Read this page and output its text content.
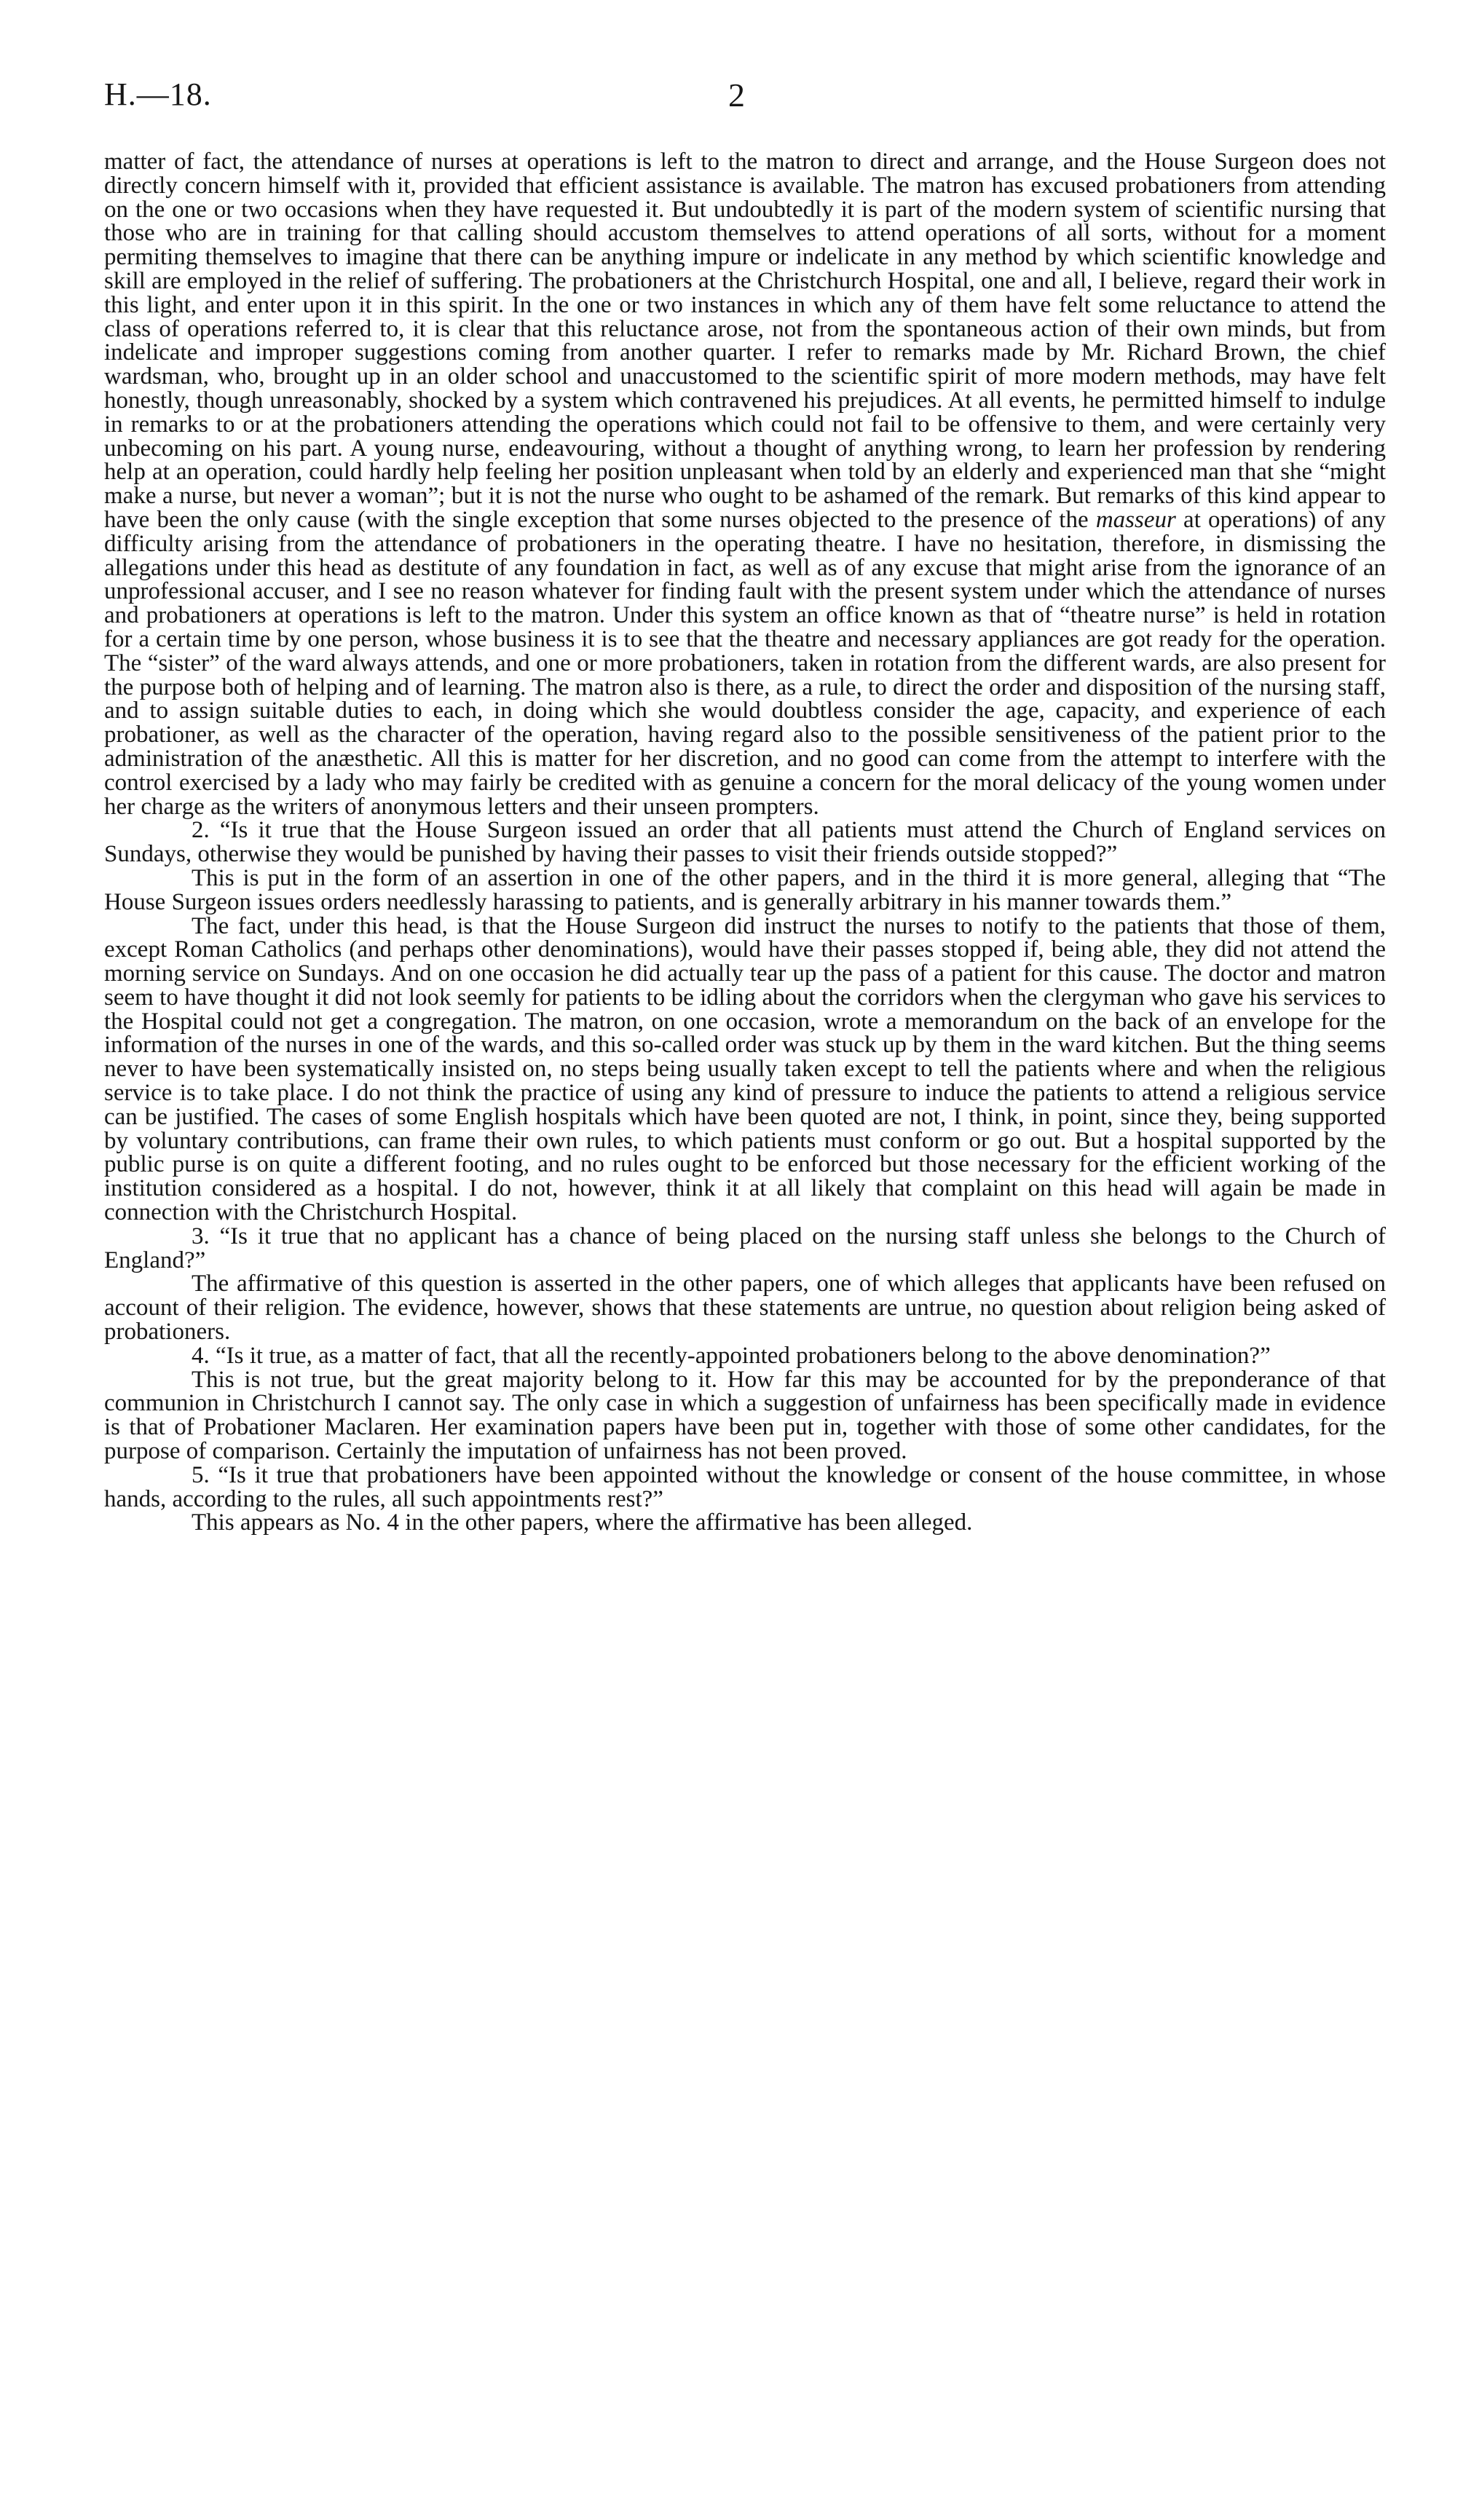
H.—18.	2

matter of fact, the attendance of nurses at operations is left to the matron to direct and arrange, and the House Surgeon does not directly concern himself with it, provided that efficient assistance is available. The matron has excused probationers from attending on the one or two occasions when they have requested it. But undoubtedly it is part of the modern system of scientific nursing that those who are in training for that calling should accustom themselves to attend operations of all sorts, without for a moment permiting themselves to imagine that there can be anything impure or indelicate in any method by which scientific knowledge and skill are employed in the relief of suffering. The probationers at the Christchurch Hospital, one and all, I believe, regard their work in this light, and enter upon it in this spirit. In the one or two instances in which any of them have felt some reluctance to attend the class of operations referred to, it is clear that this reluctance arose, not from the spontaneous action of their own minds, but from indelicate and improper suggestions coming from another quarter. I refer to remarks made by Mr. Richard Brown, the chief wardsman, who, brought up in an older school and unaccustomed to the scientific spirit of more modern methods, may have felt honestly, though unreasonably, shocked by a system which contravened his prejudices. At all events, he permitted himself to indulge in remarks to or at the probationers attending the operations which could not fail to be offensive to them, and were certainly very unbecoming on his part. A young nurse, endeavouring, without a thought of anything wrong, to learn her profession by rendering help at an operation, could hardly help feeling her position unpleasant when told by an elderly and experienced man that she “might make a nurse, but never a woman”; but it is not the nurse who ought to be ashamed of the remark. But remarks of this kind appear to have been the only cause (with the single exception that some nurses objected to the presence of the masseur at operations) of any difficulty arising from the attendance of probationers in the operating theatre. I have no hesitation, therefore, in dismissing the allegations under this head as destitute of any foundation in fact, as well as of any excuse that might arise from the ignorance of an unprofessional accuser, and I see no reason whatever for finding fault with the present system under which the attendance of nurses and probationers at operations is left to the matron. Under this system an office known as that of “theatre nurse” is held in rotation for a certain time by one person, whose business it is to see that the theatre and necessary appliances are got ready for the operation. The “sister” of the ward always attends, and one or more probationers, taken in rotation from the different wards, are also present for the purpose both of helping and of learning. The matron also is there, as a rule, to direct the order and disposition of the nursing staff, and to assign suitable duties to each, in doing which she would doubtless consider the age, capacity, and experience of each probationer, as well as the character of the operation, having regard also to the possible sensitiveness of the patient prior to the administration of the anæsthetic. All this is matter for her discretion, and no good can come from the attempt to interfere with the control exercised by a lady who may fairly be credited with as genuine a concern for the moral delicacy of the young women under her charge as the writers of anonymous letters and their unseen prompters.

2. “Is it true that the House Surgeon issued an order that all patients must attend the Church of England services on Sundays, otherwise they would be punished by having their passes to visit their friends outside stopped?”

This is put in the form of an assertion in one of the other papers, and in the third it is more general, alleging that “The House Surgeon issues orders needlessly harassing to patients, and is generally arbitrary in his manner towards them.”

The fact, under this head, is that the House Surgeon did instruct the nurses to notify to the patients that those of them, except Roman Catholics (and perhaps other denominations), would have their passes stopped if, being able, they did not attend the morning service on Sundays. And on one occasion he did actually tear up the pass of a patient for this cause. The doctor and matron seem to have thought it did not look seemly for patients to be idling about the corridors when the clergyman who gave his services to the Hospital could not get a congregation. The matron, on one occasion, wrote a memorandum on the back of an envelope for the information of the nurses in one of the wards, and this so-called order was stuck up by them in the ward kitchen. But the thing seems never to have been systematically insisted on, no steps being usually taken except to tell the patients where and when the religious service is to take place. I do not think the practice of using any kind of pressure to induce the patients to attend a religious service can be justified. The cases of some English hospitals which have been quoted are not, I think, in point, since they, being supported by voluntary contributions, can frame their own rules, to which patients must conform or go out. But a hospital supported by the public purse is on quite a different footing, and no rules ought to be enforced but those necessary for the efficient working of the institution considered as a hospital. I do not, however, think it at all likely that complaint on this head will again be made in connection with the Christchurch Hospital.

3. “Is it true that no applicant has a chance of being placed on the nursing staff unless she belongs to the Church of England?”

The affirmative of this question is asserted in the other papers, one of which alleges that applicants have been refused on account of their religion. The evidence, however, shows that these statements are untrue, no question about religion being asked of probationers.

4. “Is it true, as a matter of fact, that all the recently-appointed probationers belong to the above denomination?”

This is not true, but the great majority belong to it. How far this may be accounted for by the preponderance of that communion in Christchurch I cannot say. The only case in which a suggestion of unfairness has been specifically made in evidence is that of Probationer Maclaren. Her examination papers have been put in, together with those of some other candidates, for the purpose of comparison. Certainly the imputation of unfairness has not been proved.

5. “Is it true that probationers have been appointed without the knowledge or consent of the house committee, in whose hands, according to the rules, all such appointments rest?”

This appears as No. 4 in the other papers, where the affirmative has been alleged.
